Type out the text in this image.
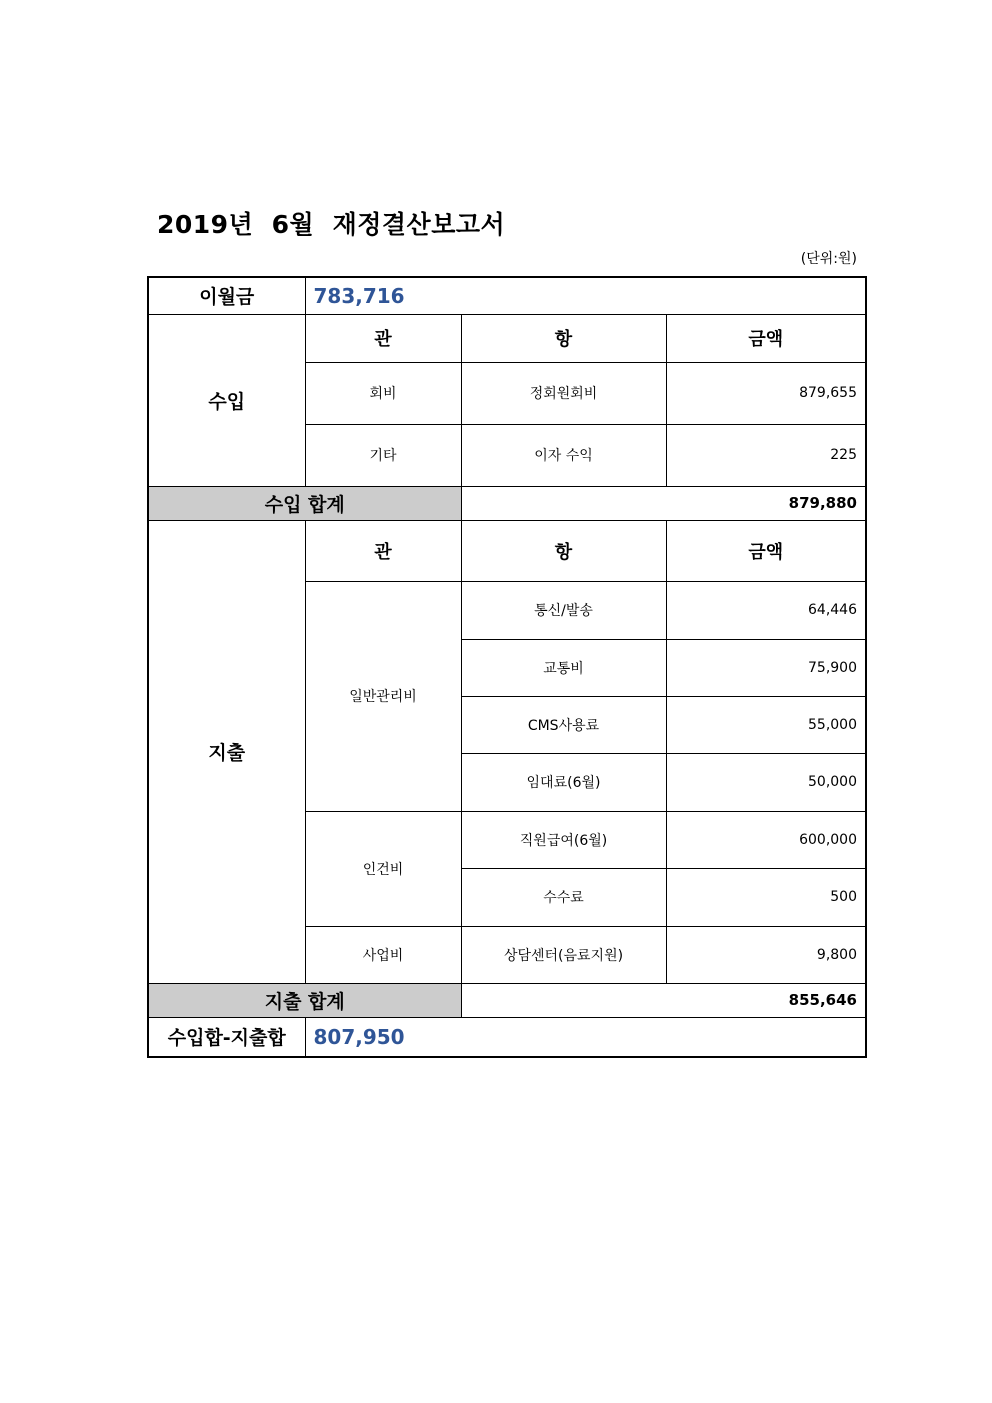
2019년  6월  재정결산보고서
(단위:원)
이월금	783,716		
수입	관	항	금액
	회비	정회원회비	879,655
	기타	이자 수익	225
수입 합계		879,880	
지출	관	항	금액
	일반관리비	통신/발송	64,446
		교통비	75,900
		CMS사용료	55,000
		임대료(6월)	50,000
	인건비	직원급여(6월)	600,000
		수수료	500
	사업비	상담센터(음료지원)	9,800
지출 합계		855,646	
수입합-지출합	807,950		
